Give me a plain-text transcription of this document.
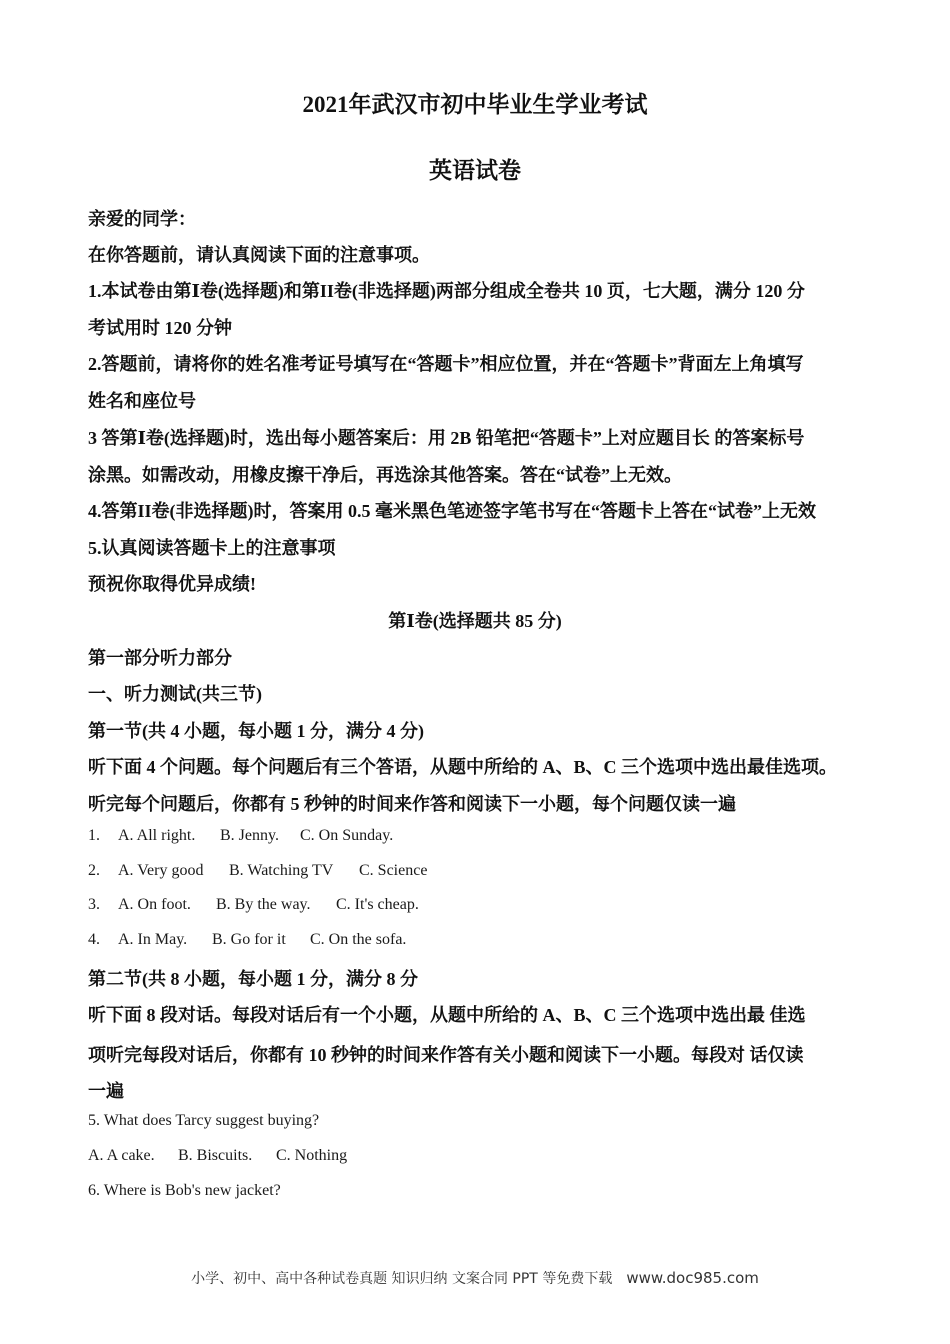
2021年武汉市初中毕业生学业考试
英语试卷
亲爱的同学：
在你答题前，请认真阅读下面的注意事项。
1.本试卷由第Ⅰ卷(选择题)和第II卷(非选择题)两部分组成全卷共 10 页，七大题，满分 120 分
考试用时 120 分钟
2.答题前，请将你的姓名准考证号填写在“答题卡”相应位置，并在“答题卡”背面左上角填写
姓名和座位号
3 答第Ⅰ卷(选择题)时，选出每小题答案后：用 2B 铅笔把“答题卡”上对应题目长 的答案标号
涂黑。如需改动，用橡皮擦干净后，再选涂其他答案。答在“试卷”上无效。
4.答第II卷(非选择题)时，答案用 0.5 毫米黑色笔迹签字笔书写在“答题卡上答在“试卷”上无效
5.认真阅读答题卡上的注意事项
预祝你取得优异成绩!
第Ⅰ卷(选择题共 85 分)
第一部分听力部分
一、听力测试(共三节)
第一节(共 4 小题，每小题 1 分，满分 4 分)
听下面 4 个问题。每个问题后有三个答语，从题中所给的 A、B、C 三个选项中选出最佳选项。
听完每个问题后，你都有 5 秒钟的时间来作答和阅读下一小题，每个问题仅读一遍
1. A. All right. B. Jenny. C. On Sunday.
2. A. Very good B. Watching TV C. Science
3. A. On foot. B. By the way. C. It's cheap.
4. A. In May. B. Go for it C. On the sofa.
第二节(共 8 小题，每小题 1 分，满分 8 分
听下面 8 段对话。每段对话后有一个小题，从题中所给的 A、B、C 三个选项中选出最 佳选
项听完每段对话后，你都有 10 秒钟的时间来作答有关小题和阅读下一小题。每段对 话仅读
一遍
5. What does Tarcy suggest buying?
A. A cake. B. Biscuits. C. Nothing
6. Where is Bob's new jacket?
小学、初中、高中各种试卷真题 知识归纳 文案合同 PPT 等免费下载 www.doc985.com
